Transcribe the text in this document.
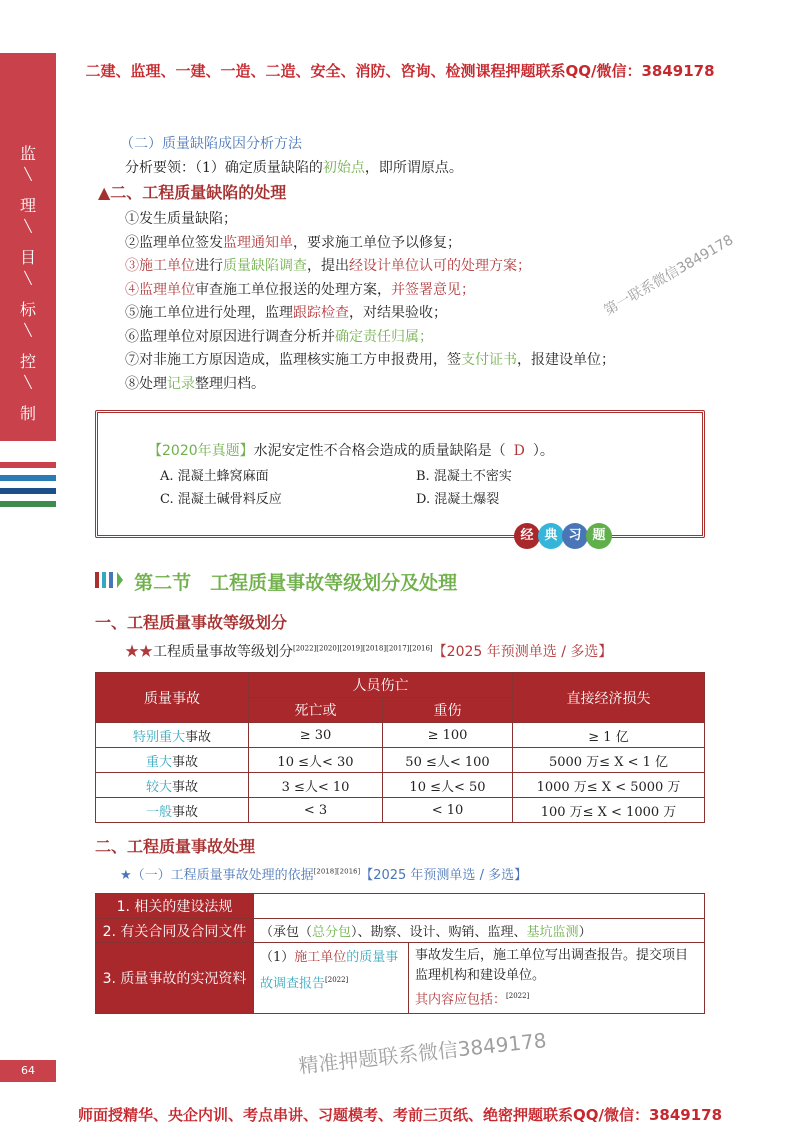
二建、监理、一建、一造、二造、安全、消防、咨询、检测课程押题联系QQ/微信：3849178
监
╲
理
╲
目
╲
标
╲
控
╲
制
（二）质量缺陷成因分析方法
分析要领：（1）确定质量缺陷的初始点，即所谓原点。
▲二、工程质量缺陷的处理
①发生质量缺陷；
②监理单位签发监理通知单，要求施工单位予以修复；
③施工单位进行质量缺陷调查，提出经设计单位认可的处理方案；
④监理单位审查施工单位报送的处理方案，并签署意见；
⑤施工单位进行处理，监理跟踪检查，对结果验收；
⑥监理单位对原因进行调查分析并确定责任归属；
⑦对非施工方原因造成，监理核实施工方申报费用，签支付证书，报建设单位；
⑧处理记录整理归档。
【2020年真题】水泥安定性不合格会造成的质量缺陷是（ D ）。
A. 混凝土蜂窝麻面	B. 混凝土不密实
C. 混凝土碱骨料反应	D. 混凝土爆裂
经 典 习 题
第二节　工程质量事故等级划分及处理
一、工程质量事故等级划分
★★工程质量事故等级划分[2022][2020][2019][2018][2017][2016]【2025 年预测单选 / 多选】
质量事故	人员伤亡		直接经济损失
	死亡或	重伤	
特别重大事故	≥ 30	≥ 100	≥ 1 亿
重大事故	10 ≤人< 30	50 ≤人< 100	5000 万≤ X < 1 亿
较大事故	3 ≤人< 10	10 ≤人< 50	1000 万≤ X < 5000 万
一般事故	< 3	< 10	100 万≤ X < 1000 万
二、工程质量事故处理
★（一）工程质量事故处理的依据[2018][2016]【2025 年预测单选 / 多选】
1. 相关的建设法规		
2. 有关合同及合同文件	（承包（总分包）、勘察、设计、购销、监理、基坑监测）	
3. 质量事故的实况资料	（1）施工单位的质量事故调查报告[2022]	事故发生后，施工单位写出调查报告。提交项目监理机构和建设单位。
其内容应包括：[2022]
第一联系微信3849178
精准押题联系微信3849178
64
师面授精华、央企内训、考点串讲、习题模考、考前三页纸、绝密押题联系QQ/微信：3849178
